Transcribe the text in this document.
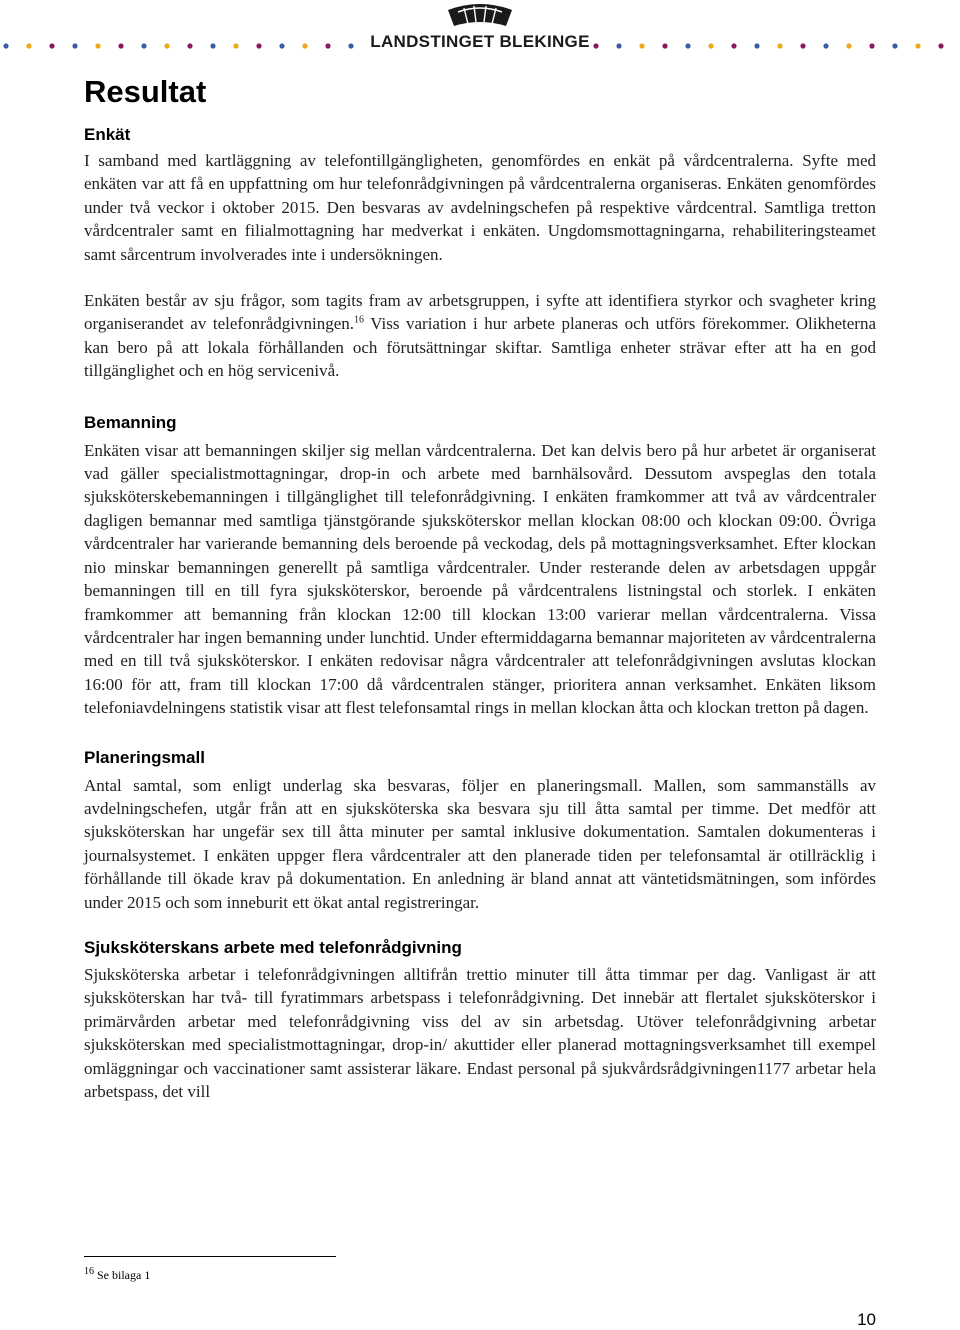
LANDSTINGET BLEKINGE
Resultat
Enkät

I samband med kartläggning av telefontillgängligheten, genomfördes en enkät på vårdcentralerna. Syfte med enkäten var att få en uppfattning om hur telefonrådgivningen på vårdcentralerna organiseras. Enkäten genomfördes under två veckor i oktober 2015. Den besvaras av avdelningschefen på respektive vårdcentral. Samtliga tretton vårdcentraler samt en filialmottagning har medverkat i enkäten. Ungdomsmottagningarna, rehabiliteringsteamet samt sårcentrum involverades inte i undersökningen.

Enkäten består av sju frågor, som tagits fram av arbetsgruppen, i syfte att identifiera styrkor och svagheter kring organiserandet av telefonrådgivningen.$^{16}$ Viss variation i hur arbete planeras och utförs förekommer. Olikheterna kan bero på att lokala förhållanden och förutsättningar skiftar. Samtliga enheter strävar efter att ha en god tillgänglighet och en hög servicenivå.

Bemanning

Enkäten visar att bemanningen skiljer sig mellan vårdcentralerna. Det kan delvis bero på hur arbetet är organiserat vad gäller specialistmottagningar, drop-in och arbete med barnhälsovård. Dessutom avspeglas den totala sjuksköterskebemanningen i tillgänglighet till telefonrådgivning. I enkäten framkommer att två av vårdcentraler dagligen bemannar med samtliga tjänstgörande sjuksköterskor mellan klockan 08:00 och klockan 09:00. Övriga vårdcentraler har varierande bemanning dels beroende på veckodag, dels på mottagningsverksamhet. Efter klockan nio minskar bemanningen generellt på samtliga vårdcentraler. Under resterande delen av arbetsdagen uppgår bemanningen till en till fyra sjuksköterskor, beroende på vårdcentralens listningstal och storlek. I enkäten framkommer att bemanning från klockan 12:00 till klockan 13:00 varierar mellan vårdcentralerna. Vissa vårdcentraler har ingen bemanning under lunchtid. Under eftermiddagarna bemannar majoriteten av vårdcentralerna med en till två sjuksköterskor. I enkäten redovisar några vårdcentraler att telefonrådgivningen avslutas klockan 16:00 för att, fram till klockan 17:00 då vårdcentralen stänger, prioritera annan verksamhet. Enkäten liksom telefoniavdelningens statistik visar att flest telefonsamtal rings in mellan klockan åtta och klockan tretton på dagen.

Planeringsmall

Antal samtal, som enligt underlag ska besvaras, följer en planeringsmall. Mallen, som sammanställs av avdelningschefen, utgår från att en sjuksköterska ska besvara sju till åtta samtal per timme. Det medför att sjuksköterskan har ungefär sex till åtta minuter per samtal inklusive dokumentation. Samtalen dokumenteras i journalsystemet. I enkäten uppger flera vårdcentraler att den planerade tiden per telefonsamtal är otillräcklig i förhållande till ökade krav på dokumentation. En anledning är bland annat att väntetidsmätningen, som infördes under 2015 och som inneburit ett ökat antal registreringar.

Sjuksköterskans arbete med telefonrådgivning

Sjuksköterska arbetar i telefonrådgivningen alltifrån trettio minuter till åtta timmar per dag. Vanligast är att sjuksköterskan har två- till fyratimmars arbetspass i telefonrådgivning. Det innebär att flertalet sjuksköterskor i primärvården arbetar med telefonrådgivning viss del av sin arbetsdag. Utöver telefonrådgivning arbetar sjuksköterskan med specialistmottagningar, drop-in/ akuttider eller planerad mottagningsverksamhet till exempel omläggningar och vaccinationer samt assisterar läkare. Endast personal på sjukvårdsrådgivningen1177 arbetar hela arbetspass, det vill

$^{16}$ Se bilaga 1
10
